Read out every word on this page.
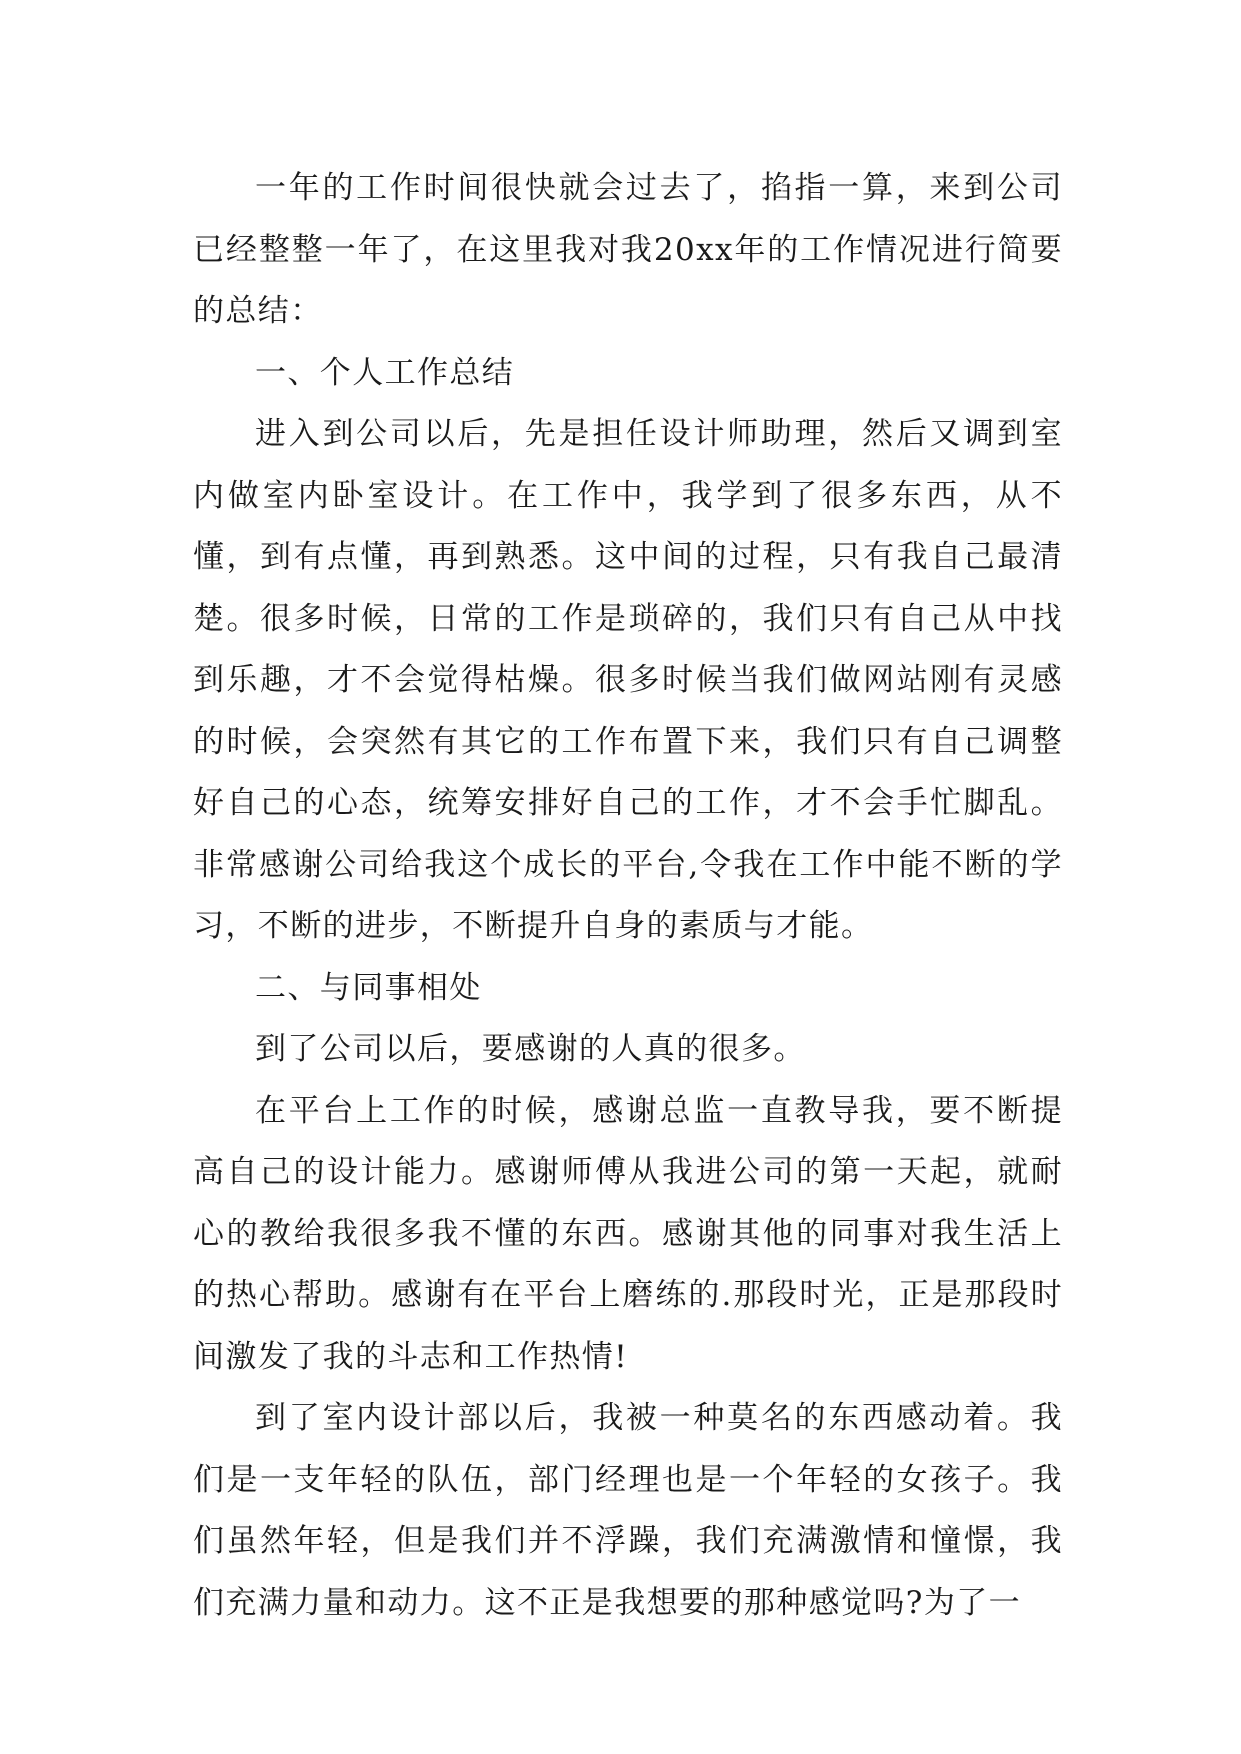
一年的工作时间很快就会过去了，掐指一算，来到公司已经整整一年了，在这里我对我20xx年的工作情况进行简要的总结：

一、个人工作总结

进入到公司以后，先是担任设计师助理，然后又调到室内做室内卧室设计。在工作中，我学到了很多东西，从不懂，到有点懂，再到熟悉。这中间的过程，只有我自己最清楚。很多时候，日常的工作是琐碎的，我们只有自己从中找到乐趣，才不会觉得枯燥。很多时候当我们做网站刚有灵感的时候，会突然有其它的工作布置下来，我们只有自己调整好自己的心态，统筹安排好自己的工作，才不会手忙脚乱。非常感谢公司给我这个成长的平台,令我在工作中能不断的学习，不断的进步，不断提升自身的素质与才能。

二、与同事相处

到了公司以后，要感谢的人真的很多。

在平台上工作的时候，感谢总监一直教导我，要不断提高自己的设计能力。感谢师傅从我进公司的第一天起，就耐心的教给我很多我不懂的东西。感谢其他的同事对我生活上的热心帮助。感谢有在平台上磨练的.那段时光，正是那段时间激发了我的斗志和工作热情!

到了室内设计部以后，我被一种莫名的东西感动着。我们是一支年轻的队伍，部门经理也是一个年轻的女孩子。我们虽然年轻，但是我们并不浮躁，我们充满激情和憧憬，我们充满力量和动力。这不正是我想要的那种感觉吗?为了一
